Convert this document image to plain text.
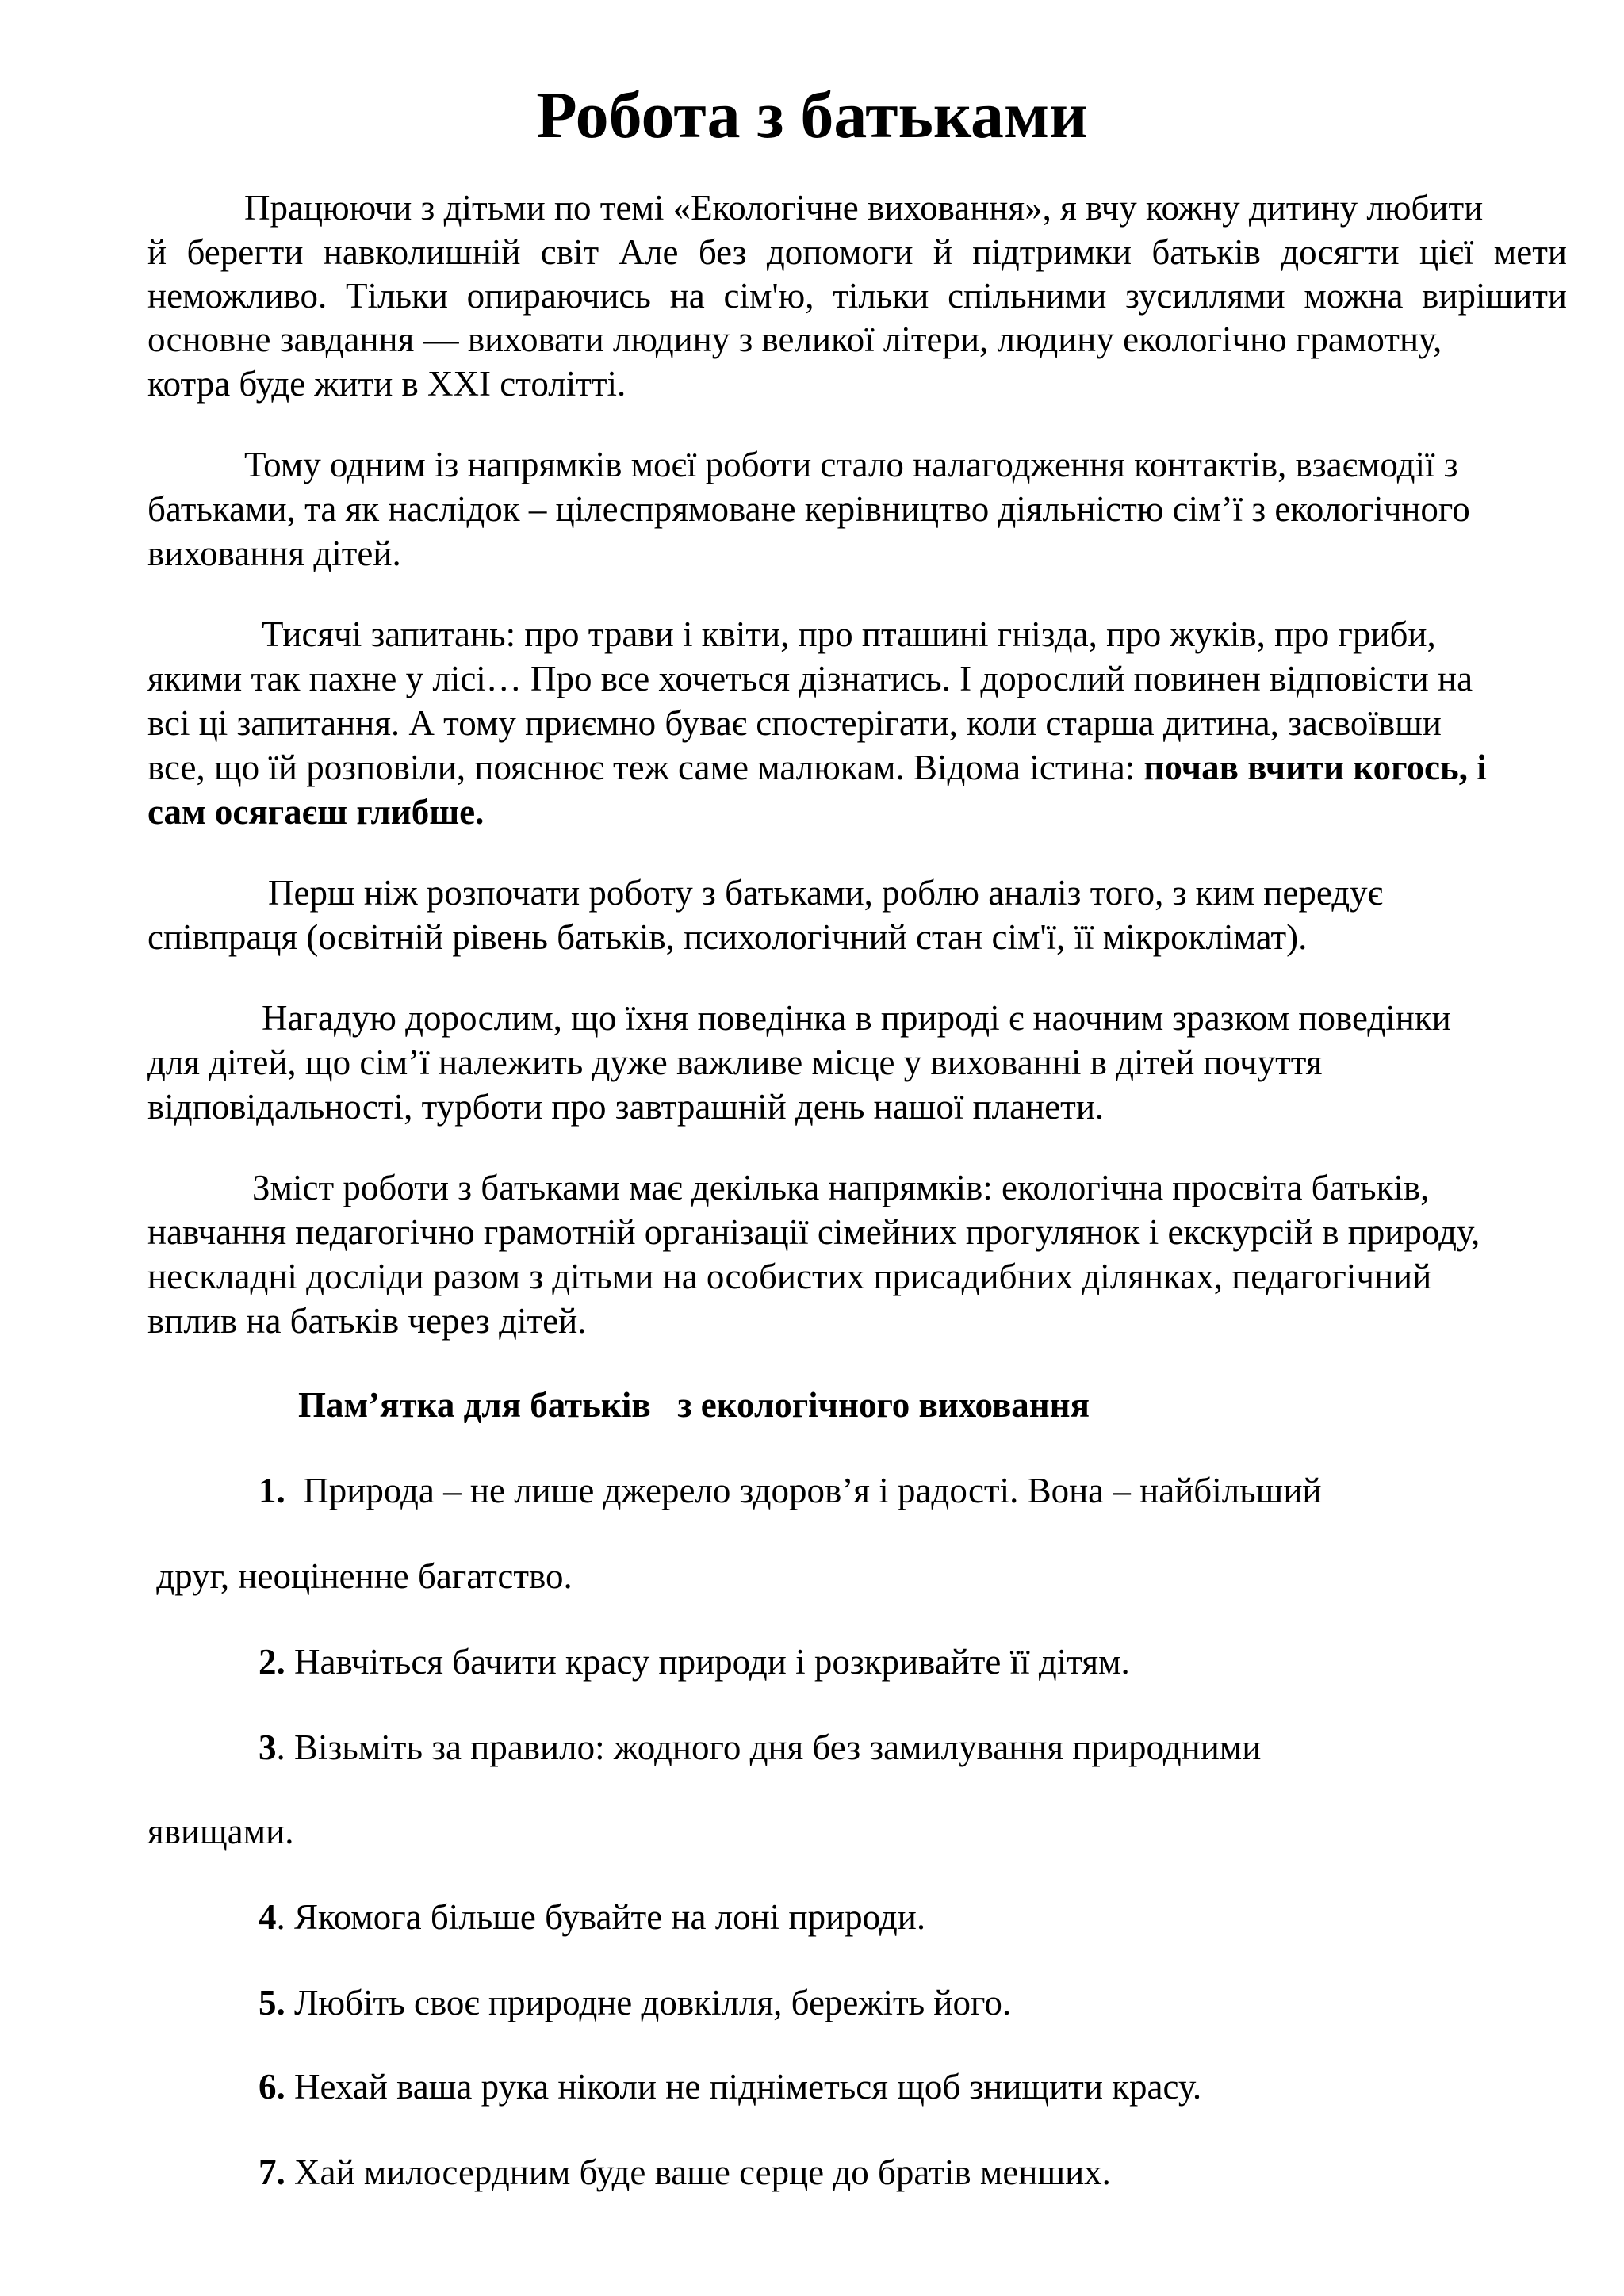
Робота з батьками
Працюючи з дітьми по темі «Екологічне виховання», я вчу кожну дитину любити
й берегти навколишній світ Але без допомоги й підтримки батьків досягти цієї мети
неможливо. Тільки опираючись на сім'ю, тільки спільними зусиллями можна вирішити
основне завдання — виховати людину з великої літери, людину екологічно грамотну,
котра буде жити в XXI столітті.
Тому одним із напрямків моєї роботи стало налагодження контактів, взаємодії з
батьками, та як наслідок – цілеспрямоване керівництво діяльністю сім’ї з екологічного
виховання дітей.
Тисячі запитань: про трави і квіти, про пташині гнізда, про жуків, про гриби,
якими так пахне у лісі… Про все хочеться дізнатись. І дорослий повинен відповісти на
всі ці запитання. А тому приємно буває спостерігати, коли старша дитина, засвоївши
все, що їй розповіли, пояснює теж саме малюкам. Відома істина: почав вчити когось, і
сам осягаєш глибше.
Перш ніж розпочати роботу з батьками, роблю аналіз того, з ким передує
співпраця (освітній рівень батьків, психологічний стан сім'ї, її мікроклімат).
Нагадую дорослим, що їхня поведінка в природі є наочним зразком поведінки
для дітей, що сім’ї належить дуже важливе місце у вихованні в дітей почуття
відповідальності, турботи про завтрашній день нашої планети.
Зміст роботи з батьками має декілька напрямків: екологічна просвіта батьків,
навчання педагогічно грамотній організації сімейних прогулянок і екскурсій в природу,
нескладні досліди разом з дітьми на особистих присадибних ділянках, педагогічний
вплив на батьків через дітей.
Пам’ятка для батьків   з екологічного виховання
1.  Природа – не лише джерело здоров’я і радості. Вона – найбільший
друг, неоціненне багатство.
2. Навчіться бачити красу природи і розкривайте її дітям.
3. Візьміть за правило: жодного дня без замилування природними
явищами.
4. Якомога більше бувайте на лоні природи.
5. Любіть своє природне довкілля, бережіть його.
6. Нехай ваша рука ніколи не підніметься щоб знищити красу.
7. Хай милосердним буде ваше серце до братів менших.
